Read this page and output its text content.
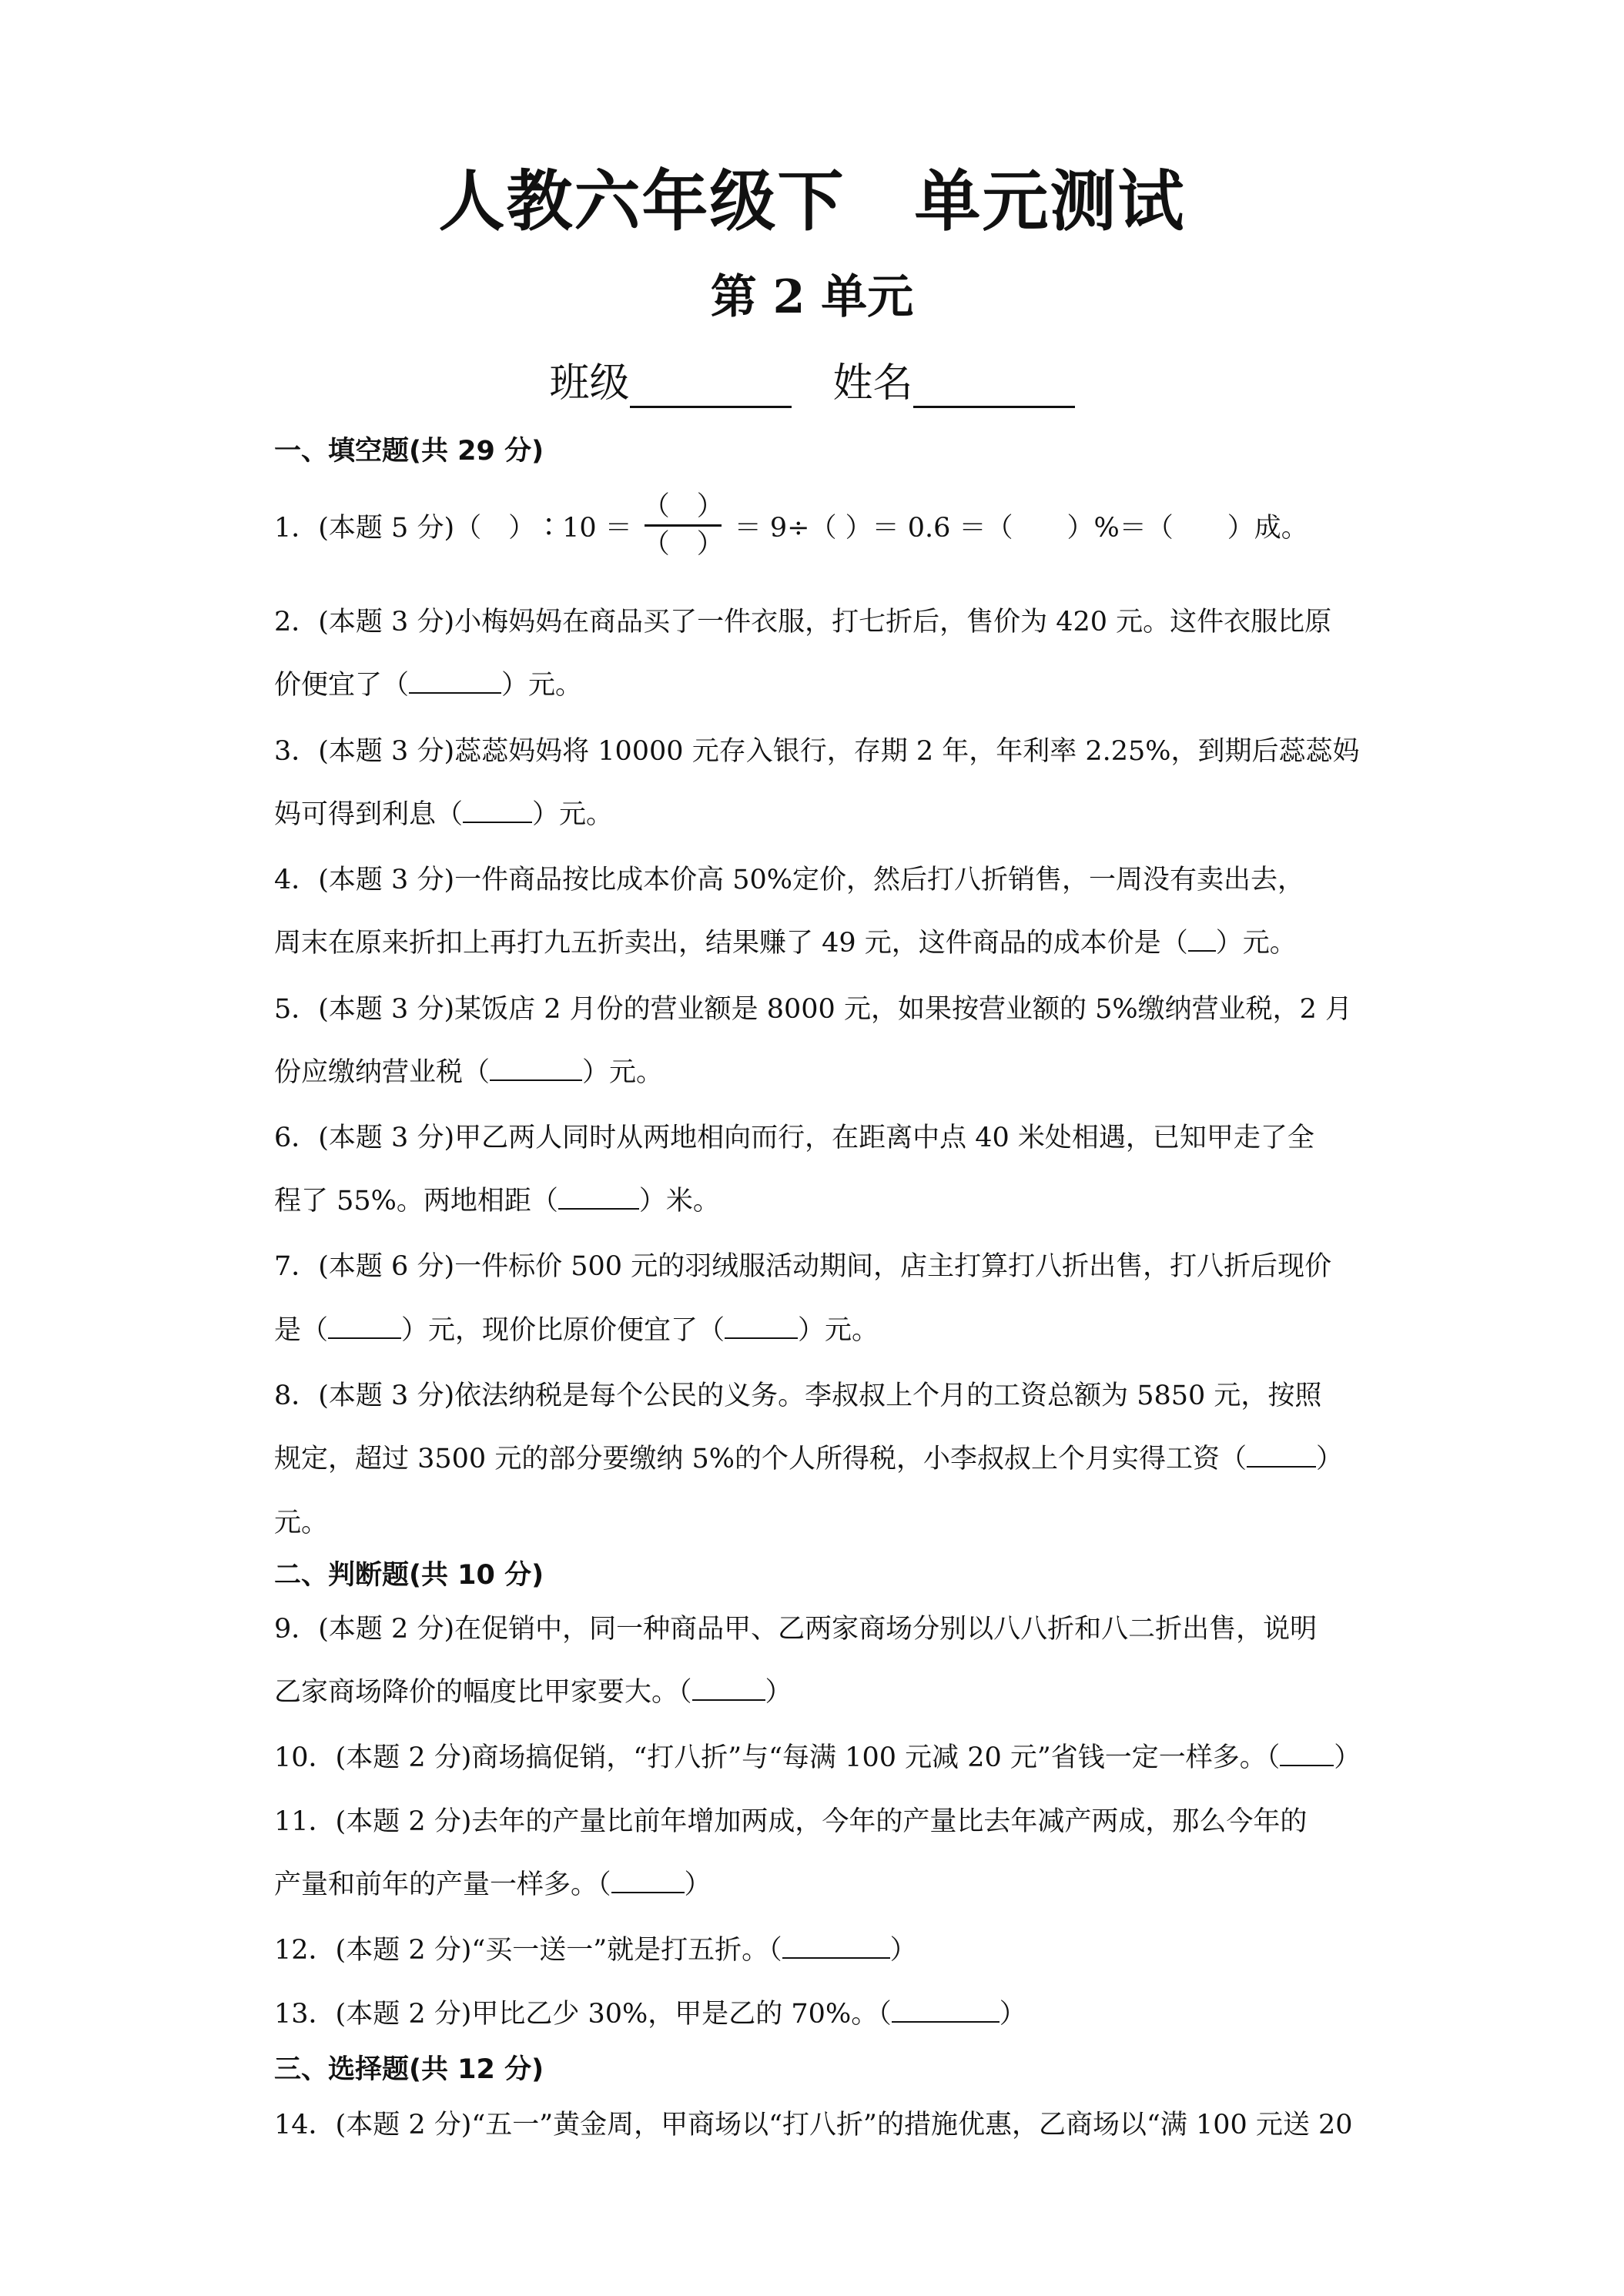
人教六年级下 单元测试
第 2 单元
班级	姓名
一、填空题(共 29 分)
1．(本题 5 分)（　）∶10 ＝ $\frac{( )}{( )} = 9\div$（ ）＝ 0.6 ＝（　　）%＝（　　）成。
2．(本题 3 分)小梅妈妈在商品买了一件衣服，打七折后，售价为 420 元。这件衣服比原
价便宜了（	）元。
3．(本题 3 分)蕊蕊妈妈将 10000 元存入银行，存期 2 年，年利率 2.25%，到期后蕊蕊妈
妈可得到利息（	）元。
4．(本题 3 分)一件商品按比成本价高 50%定价，然后打八折销售，一周没有卖出去，
周末在原来折扣上再打九五折卖出，结果赚了 49 元，这件商品的成本价是（ ）元。
5．(本题 3 分)某饭店 2 月份的营业额是 8000 元，如果按营业额的 5%缴纳营业税，2 月
份应缴纳营业税（	）元。
6．(本题 3 分)甲乙两人同时从两地相向而行，在距离中点 40 米处相遇，已知甲走了全
程了 55%。两地相距（	）米。
7．(本题 6 分)一件标价 500 元的羽绒服活动期间，店主打算打八折出售，打八折后现价
是（	）元，现价比原价便宜了（	）元。
8．(本题 3 分)依法纳税是每个公民的义务。李叔叔上个月的工资总额为 5850 元，按照
规定，超过 3500 元的部分要缴纳 5%的个人所得税，小李叔叔上个月实得工资（	）
元。
二、判断题(共 10 分)
9．(本题 2 分)在促销中，同一种商品甲、乙两家商场分别以八八折和八二折出售，说明
乙家商场降价的幅度比甲家要大。（	）
10．(本题 2 分)商场搞促销，“打八折”与“每满 100 元减 20 元”省钱一定一样多。（ ）
11．(本题 2 分)去年的产量比前年增加两成，今年的产量比去年减产两成，那么今年的
产量和前年的产量一样多。（	）
12．(本题 2 分)“买一送一”就是打五折。（	）
13．(本题 2 分)甲比乙少 30%，甲是乙的 70%。（	）
三、选择题(共 12 分)
14．(本题 2 分)“五一”黄金周，甲商场以“打八折”的措施优惠，乙商场以“满 100 元送 20
